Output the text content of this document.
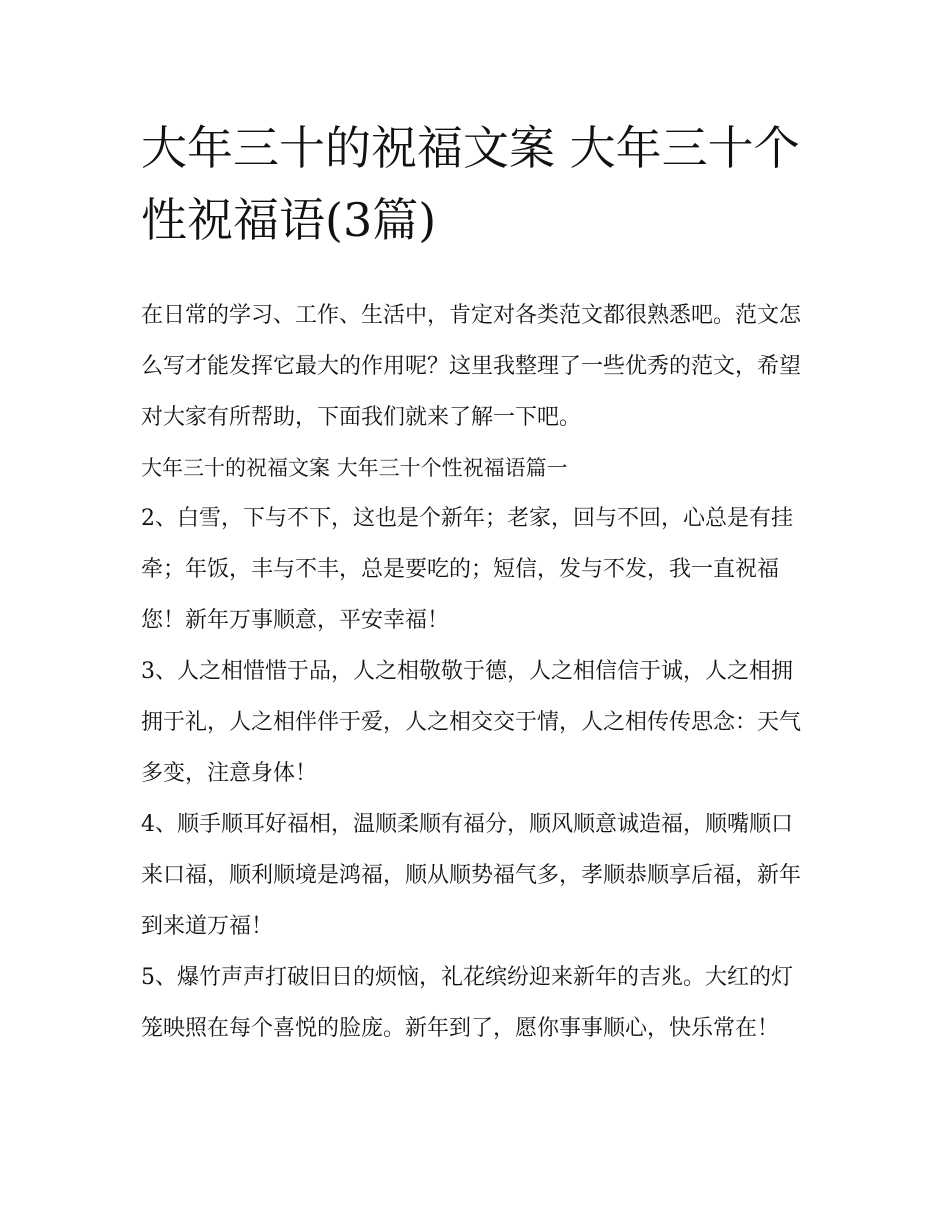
大年三十的祝福文案 大年三十个性祝福语(3篇)

在日常的学习、工作、生活中，肯定对各类范文都很熟悉吧。范文怎么写才能发挥它最大的作用呢？这里我整理了一些优秀的范文，希望对大家有所帮助，下面我们就来了解一下吧。

大年三十的祝福文案 大年三十个性祝福语篇一

2、白雪，下与不下，这也是个新年；老家，回与不回，心总是有挂牵；年饭，丰与不丰，总是要吃的；短信，发与不发，我一直祝福您！新年万事顺意，平安幸福！

3、人之相惜惜于品，人之相敬敬于德，人之相信信于诚，人之相拥拥于礼，人之相伴伴于爱，人之相交交于情，人之相传传思念：天气多变，注意身体！

4、顺手顺耳好福相，温顺柔顺有福分，顺风顺意诚造福，顺嘴顺口来口福，顺利顺境是鸿福，顺从顺势福气多，孝顺恭顺享后福，新年到来道万福！

5、爆竹声声打破旧日的烦恼，礼花缤纷迎来新年的吉兆。大红的灯笼映照在每个喜悦的脸庞。新年到了，愿你事事顺心，快乐常在！
